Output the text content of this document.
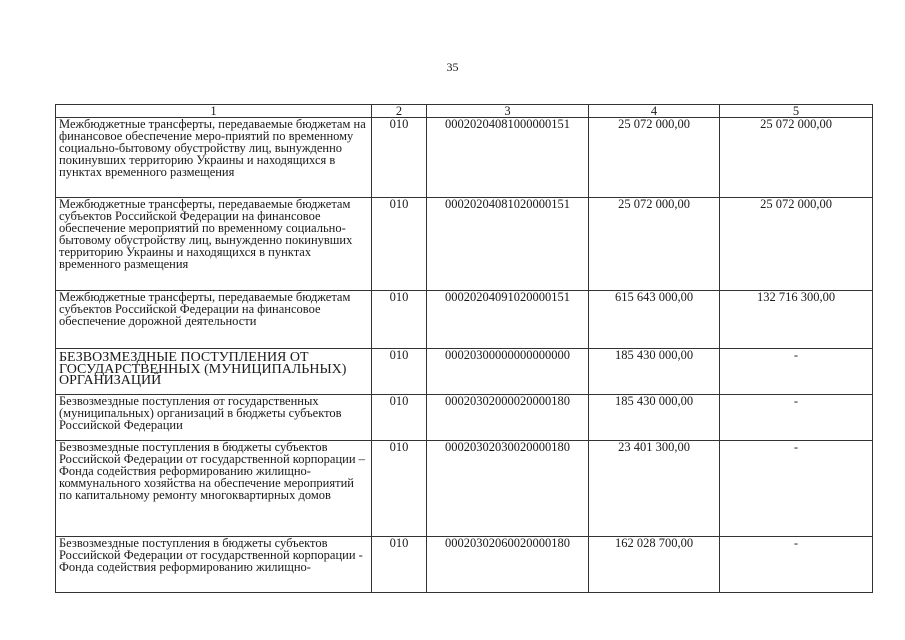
35
1	2	3	4	5
Межбюджетные трансферты, передаваемые бюджетам на финансовое обеспечение меро-приятий по временному социально-бытовому обустройству лиц, вынужденно покинувших территорию Украины и находящихся в пунктах временного размещения	010	00020204081000000151	25 072 000,00	25 072 000,00
Межбюджетные трансферты, передаваемые бюджетам субъектов Российской Федерации на финансовое обеспечение мероприятий по временному социально-бытовому обустройству лиц, вынужденно покинувших территорию Украины и находящихся в пунктах временного размещения	010	00020204081020000151	25 072 000,00	25 072 000,00
Межбюджетные трансферты, передаваемые бюджетам субъектов Российской Федерации на финансовое обеспечение дорожной деятельности	010	00020204091020000151	615 643 000,00	132 716 300,00
БЕЗВОЗМЕЗДНЫЕ ПОСТУПЛЕНИЯ ОТ ГОСУДАРСТВЕННЫХ (МУНИЦИПАЛЬНЫХ) ОРГАНИЗАЦИЙ	010	00020300000000000000	185 430 000,00	-
Безвозмездные поступления от государственных (муниципальных) организаций в бюджеты субъектов Российской Федерации	010	00020302000020000180	185 430 000,00	-
Безвозмездные поступления в бюджеты субъектов Российской Федерации от государственной корпорации – Фонда содействия реформированию жилищно-коммунального хозяйства на обеспечение мероприятий по капитальному ремонту многоквартирных домов	010	00020302030020000180	23 401 300,00	-
Безвозмездные поступления в бюджеты субъектов Российской Федерации от государственной корпорации - Фонда содействия реформированию жилищно-	010	00020302060020000180	162 028 700,00	-
